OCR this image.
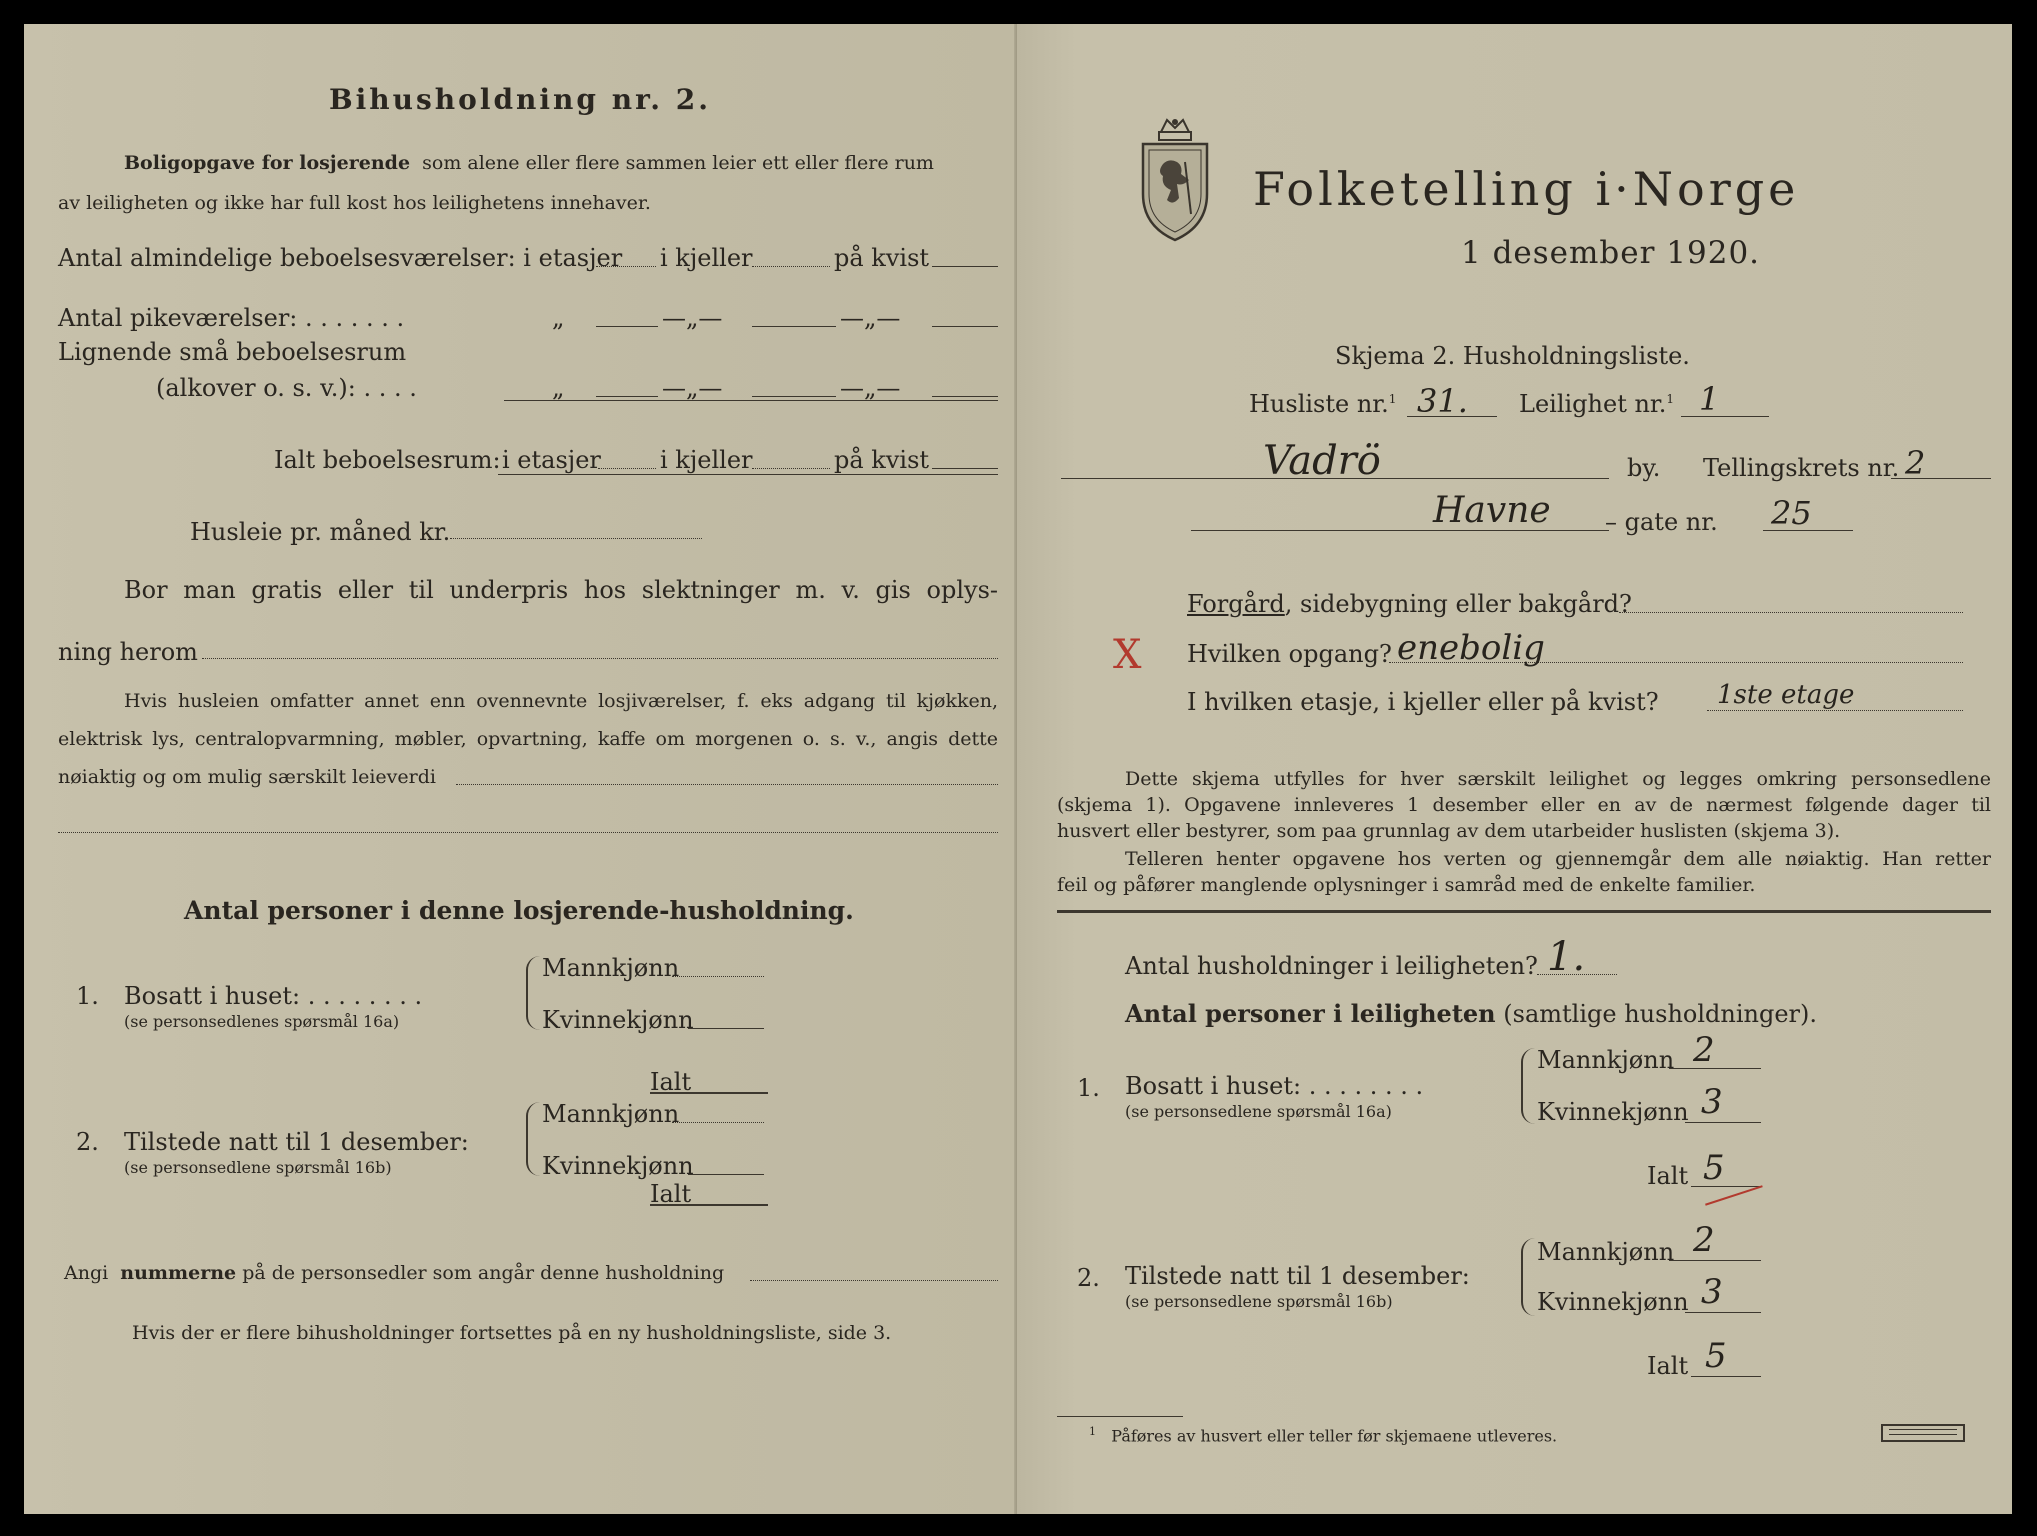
Bihusholdning nr. 2.
Boligopgave for losjerende som alene eller flere sammen leier ett eller flere rum
av leiligheten og ikke har full kost hos leilighetens innehaver.
Antal almindelige beboelsesværelser: i etasjer i kjeller	på kvist
Antal pikeværelser: . . . . . . .	„	—„—	—„—
Lignende små beboelsesrum
(alkover o. s. v.): . . . .	„	—„—	—„—
Ialt beboelsesrum: i etasjer i kjeller	på kvist
Husleie pr. måned kr.
Bor man gratis eller til underpris hos slektninger m. v. gis oplys-
ning herom
Hvis husleien omfatter annet enn ovennevnte losjiværelser, f. eks adgang til kjøkken,
elektrisk lys, centralopvarmning, møbler, opvartning, kaffe om morgenen o. s. v., angis dette
nøiaktig og om mulig særskilt leieverdi
Antal personer i denne losjerende-husholdning.
1. Bosatt i huset: . . . . . . . .
(se personsedlenes spørsmål 16a)
Mannkjønn
Kvinnekjønn
Ialt
2. Tilstede natt til 1 desember:
(se personsedlene spørsmål 16b)
Mannkjønn
Kvinnekjønn
Ialt
Angi nummerne på de personsedler som angår denne husholdning
Hvis der er flere bihusholdninger fortsettes på en ny husholdningsliste, side 3.
Folketelling i·Norge
1 desember 1920.
Skjema 2. Husholdningsliste.
Husliste nr.$^1$ 31. Leilighet nr.$^1$ 1
Vadrö	by. Tellingskrets nr. 2
Havne – gate nr. 25
Forgård, sidebygning eller bakgård?
X Hvilken opgang? enebolig
I hvilken etasje, i kjeller eller på kvist? 1ste etage
Dette skjema utfylles for hver særskilt leilighet og legges omkring personsedlene
(skjema 1). Opgavene innleveres 1 desember eller en av de nærmest følgende dager til
husvert eller bestyrer, som paa grunnlag av dem utarbeider huslisten (skjema 3).
Telleren henter opgavene hos verten og gjennemgår dem alle nøiaktig. Han retter
feil og påfører manglende oplysninger i samråd med de enkelte familier.
Antal husholdninger i leiligheten? 1.
Antal personer i leiligheten (samtlige husholdninger).
1. Bosatt i huset: . . . . . . . .
(se personsedlene spørsmål 16a)
Mannkjønn 2
Kvinnekjønn 3
Ialt 5
2. Tilstede natt til 1 desember:
(se personsedlene spørsmål 16b)
Mannkjønn 2
Kvinnekjønn 3
Ialt 5
$^1$ Påføres av husvert eller teller før skjemaene utleveres.
